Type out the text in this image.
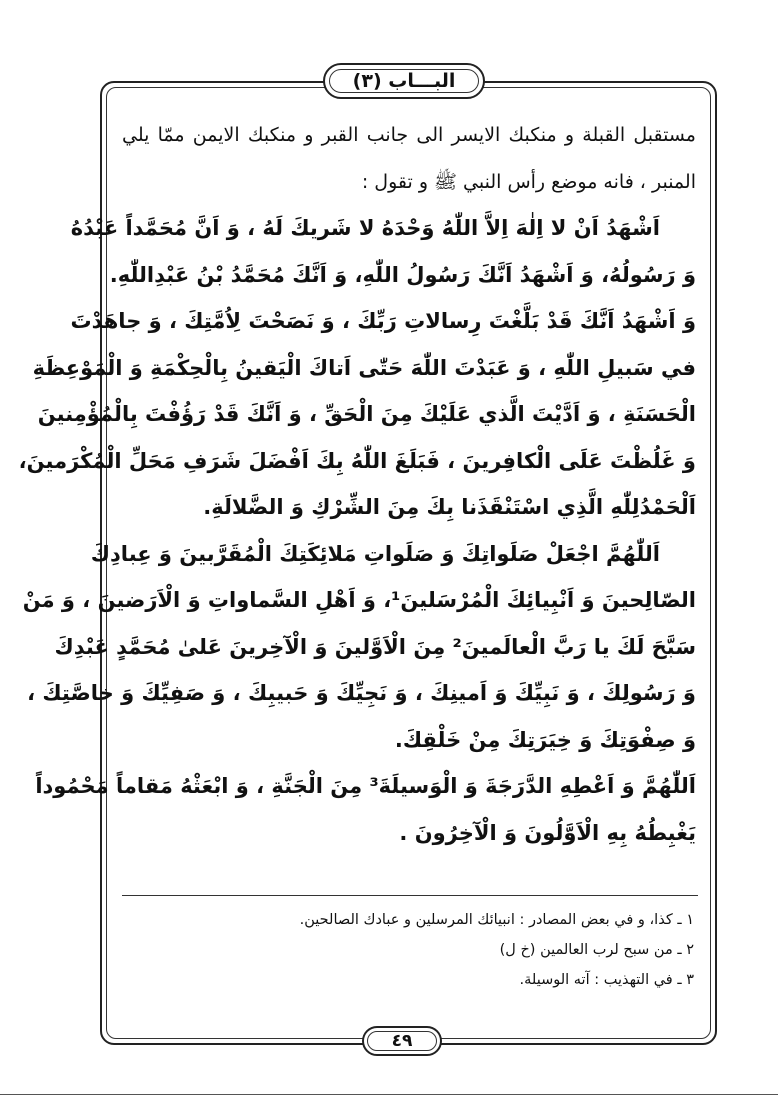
البـــاب (٣)
مستقبل القبلة و منكبك الايسر الى جانب القبر و منكبك الايمن ممّا يلي
المنبر ، فانه موضع رأس النبي ﷺ و تقول :
اَشْهَدُ اَنْ لا اِلٰهَ اِلاَّ اللّٰهُ وَحْدَهُ لا شَريكَ لَهُ ، وَ اَنَّ مُحَمَّداً عَبْدُهُ
وَ رَسُولُهُ، وَ اَشْهَدُ اَنَّكَ رَسُولُ اللّٰهِ، وَ اَنَّكَ مُحَمَّدُ بْنُ عَبْدِاللّٰهِ.
وَ اَشْهَدُ اَنَّكَ قَدْ بَلَّغْتَ رِسالاتِ رَبِّكَ ، وَ نَصَحْتَ لِاُمَّتِكَ ، وَ جاهَدْتَ
في سَبيلِ اللّٰهِ ، وَ عَبَدْتَ اللّٰهَ حَتّٰى اَتاكَ الْيَقينُ بِالْحِكْمَةِ وَ الْمَوْعِظَةِ
الْحَسَنَةِ ، وَ اَدَّيْتَ الَّذي عَلَيْكَ مِنَ الْحَقِّ ، وَ اَنَّكَ قَدْ رَؤُفْتَ بِالْمُؤْمِنينَ
وَ غَلُظْتَ عَلَى الْكافِرينَ ، فَبَلَغَ اللّٰهُ بِكَ اَفْضَلَ شَرَفِ مَحَلِّ الْمُكْرَمينَ،
اَلْحَمْدُلِلّٰهِ الَّذِي اسْتَنْقَذَنا بِكَ مِنَ الشِّرْكِ وَ الضَّلالَةِ.
اَللّٰهُمَّ اجْعَلْ صَلَواتِكَ وَ صَلَواتِ مَلائِكَتِكَ الْمُقَرَّبينَ وَ عِبادِكَ
الصّالِحينَ وَ اَنْبِيائِكَ الْمُرْسَلينَ¹، وَ اَهْلِ السَّماواتِ وَ الْاَرَضينَ ، وَ مَنْ
سَبَّحَ لَكَ يا رَبَّ الْعالَمينَ² مِنَ الْاَوَّلينَ وَ الْآخِرينَ عَلىٰ مُحَمَّدٍ عَبْدِكَ
وَ رَسُولِكَ ، وَ نَبِيِّكَ وَ اَمينِكَ ، وَ نَجِيِّكَ وَ حَبيبِكَ ، وَ صَفِيِّكَ وَ خاصَّتِكَ ،
وَ صِفْوَتِكَ وَ خِيَرَتِكَ مِنْ خَلْقِكَ.
اَللّٰهُمَّ وَ اَعْطِهِ الدَّرَجَةَ وَ الْوَسيلَةَ³ مِنَ الْجَنَّةِ ، وَ ابْعَثْهُ مَقاماً مَحْمُوداً
يَغْبِطُهُ بِهِ الْاَوَّلُونَ وَ الْآخِرُونَ .
١ ـ كذا، و في بعض المصادر : انبيائك المرسلين و عبادك الصالحين.
٢ ـ من سبح لرب العالمين (خ ل)
٣ ـ في التهذيب : آته الوسيلة.
٤٩
